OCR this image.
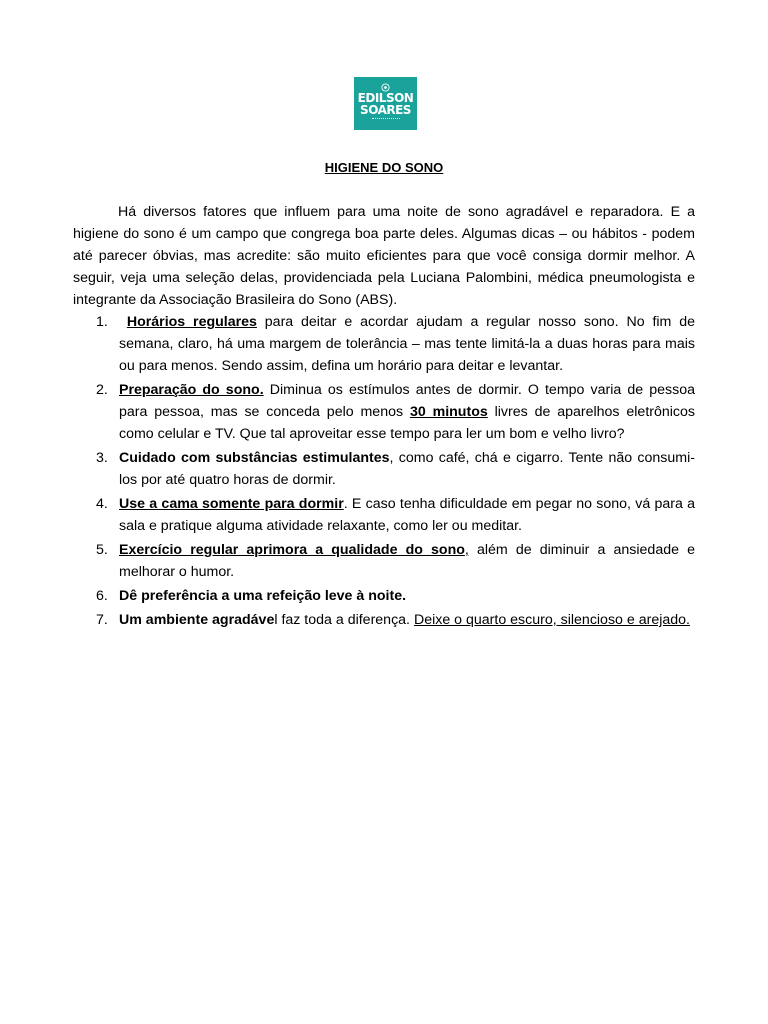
EDILSON
SOARES
HIGIENE DO SONO

Há diversos fatores que influem para uma noite de sono agradável e reparadora. E a higiene do sono é um campo que congrega boa parte deles. Algumas dicas – ou hábitos - podem até parecer óbvias, mas acredite: são muito eficientes para que você consiga dormir melhor. A seguir, veja uma seleção delas, providenciada pela Luciana Palombini, médica pneumologista e integrante da Associação Brasileira do Sono (ABS).

1. Horários regulares para deitar e acordar ajudam a regular nosso sono. No fim de semana, claro, há uma margem de tolerância – mas tente limitá-la a duas horas para mais ou para menos. Sendo assim, defina um horário para deitar e levantar.
2. Preparação do sono. Diminua os estímulos antes de dormir. O tempo varia de pessoa para pessoa, mas se conceda pelo menos 30 minutos livres de aparelhos eletrônicos como celular e TV. Que tal aproveitar esse tempo para ler um bom e velho livro?
3. Cuidado com substâncias estimulantes, como café, chá e cigarro. Tente não consumi-los por até quatro horas de dormir.
4. Use a cama somente para dormir. E caso tenha dificuldade em pegar no sono, vá para a sala e pratique alguma atividade relaxante, como ler ou meditar.
5. Exercício regular aprimora a qualidade do sono, além de diminuir a ansiedade e melhorar o humor.
6. Dê preferência a uma refeição leve à noite.
7. Um ambiente agradável faz toda a diferença. Deixe o quarto escuro, silencioso e arejado.
